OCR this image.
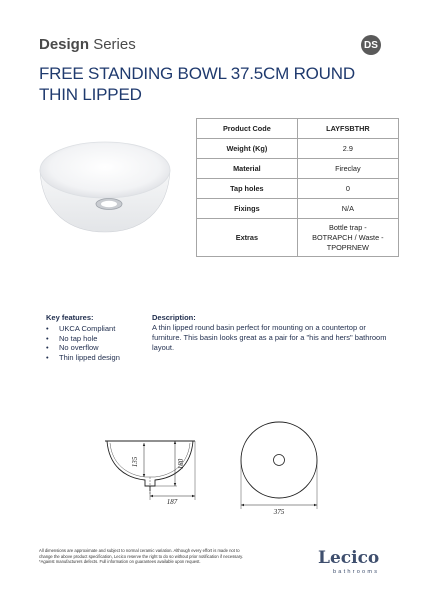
Design Series	DS
FREE STANDING BOWL 37.5CM ROUND
THIN LIPPED
Product Code	LAYFSBTHR
Weight (Kg)	2.9
Material	Fireclay
Tap holes	0
Fixings	N/A
Extras	Bottle trap -
BOTRAPCH / Waste -
TPOPRNEW
Key features:
• UKCA Compliant
• No tap hole
• No overflow
• Thin lipped design
Description:
A thin lipped round basin perfect for mounting on a countertop or furniture. This basin looks great as a pair for a "his and hers" bathroom layout.
135	180
187
375
All dimensions are approximate and subject to normal ceramic variation. Although every effort is made not to
change the above product specification, Lecico reserve the right to do so without prior notification if necessary.
*Against manufacturers defects. Full information on guarantees available upon request.	Lecico
bathrooms
